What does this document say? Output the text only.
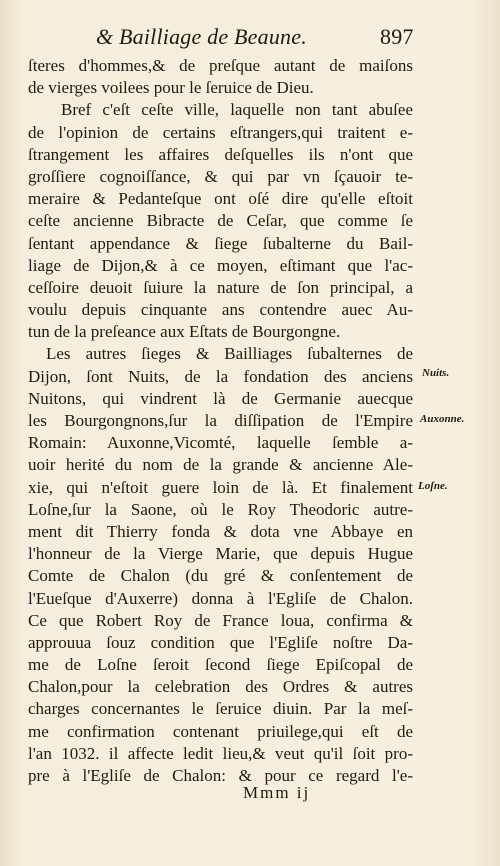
& Bailliage de Beaune.	897
ſteres d'hommes,& de preſque autant de maiſons
de vierges voilees pour le ſeruice de Dieu.
Bref c'eſt ceſte ville, laquelle non tant abuſee
de l'opinion de certains eſtrangers,qui traitent e-
ſtrangement les affaires deſquelles ils n'ont que
groſſiere cognoiſſance, & qui par vn ſçauoir te-
meraire & Pedanteſque ont oſé dire qu'elle eſtoit
ceſte ancienne Bibracte de Ceſar, que comme ſe
ſentant appendance & ſiege ſubalterne du Bail-
liage de Dijon,& à ce moyen, eſtimant que l'ac-
ceſſoire deuoit ſuiure la nature de ſon principal, a
voulu depuis cinquante ans contendre auec Au-
tun de la preſeance aux Eſtats de Bourgongne.
Les autres ſieges & Bailliages ſubalternes de
Dijon, ſont Nuits, de la fondation des anciens
Nuitons, qui vindrent là de Germanie auecque
les Bourgongnons,ſur la diſſipation de l'Empire
Romain: Auxonne,Vicomté, laquelle ſemble a-
uoir herité du nom de la grande & ancienne Ale-
xie, qui n'eſtoit guere loin de là. Et finalement
Loſne,ſur la Saone, où le Roy Theodoric autre-
ment dit Thierry fonda & dota vne Abbaye en
l'honneur de la Vierge Marie, que depuis Hugue
Comte de Chalon (du gré & conſentement de
l'Eueſque d'Auxerre) donna à l'Egliſe de Chalon.
Ce que Robert Roy de France loua, confirma &
approuua ſouz condition que l'Egliſe noſtre Da-
me de Loſne ſeroit ſecond ſiege Epiſcopal de
Chalon,pour la celebration des Ordres & autres
charges concernantes le ſeruice diuin. Par la meſ-
me confirmation contenant priuilege,qui eſt de
l'an 1032. il affecte ledit lieu,& veut qu'il ſoit pro-
pre à l'Egliſe de Chalon: & pour ce regard l'e-
Nuits.
Auxonne.
Loſne.
Mmm ij
